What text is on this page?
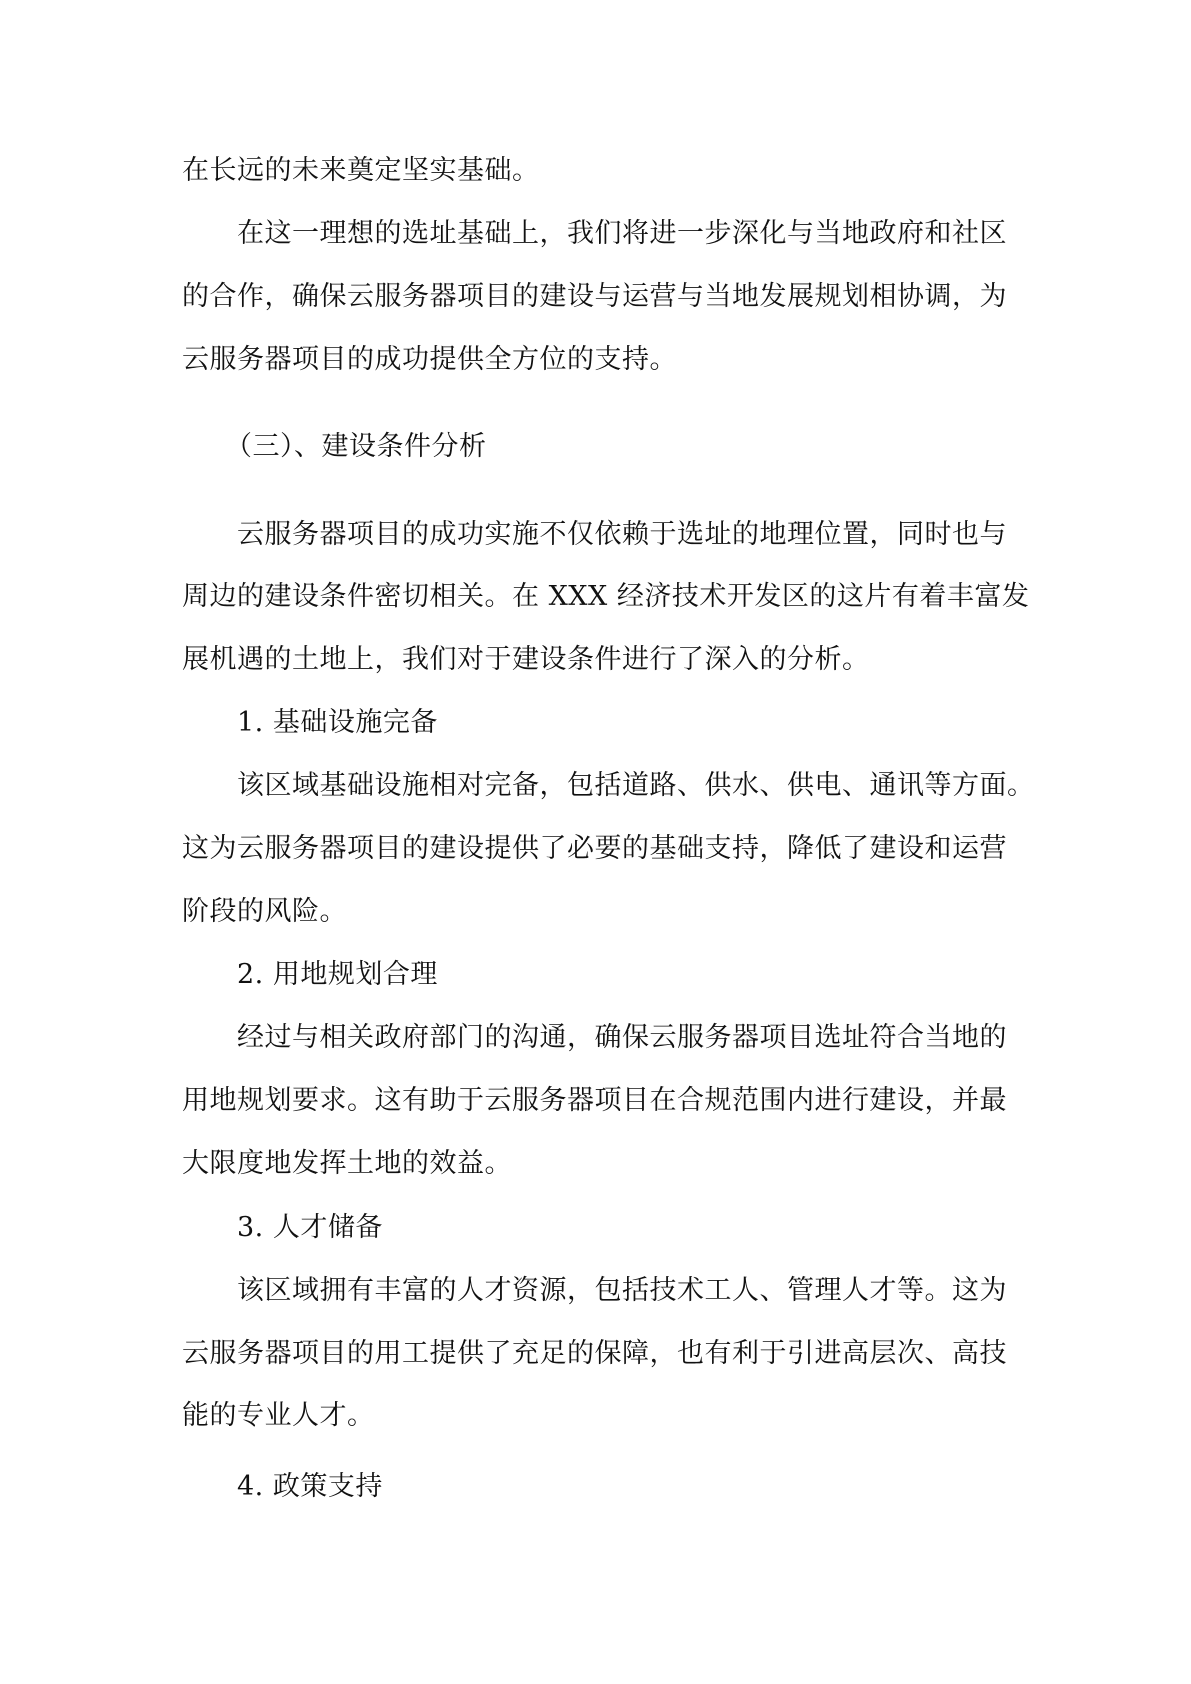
在长远的未来奠定坚实基础。
在这一理想的选址基础上，我们将进一步深化与当地政府和社区
的合作，确保云服务器项目的建设与运营与当地发展规划相协调，为
云服务器项目的成功提供全方位的支持。
（三）、建设条件分析
云服务器项目的成功实施不仅依赖于选址的地理位置，同时也与
周边的建设条件密切相关。在 XXX 经济技术开发区的这片有着丰富发
展机遇的土地上，我们对于建设条件进行了深入的分析。
1. 基础设施完备
该区域基础设施相对完备，包括道路、供水、供电、通讯等方面。
这为云服务器项目的建设提供了必要的基础支持，降低了建设和运营
阶段的风险。
2. 用地规划合理
经过与相关政府部门的沟通，确保云服务器项目选址符合当地的
用地规划要求。这有助于云服务器项目在合规范围内进行建设，并最
大限度地发挥土地的效益。
3. 人才储备
该区域拥有丰富的人才资源，包括技术工人、管理人才等。这为
云服务器项目的用工提供了充足的保障，也有利于引进高层次、高技
能的专业人才。
4. 政策支持
